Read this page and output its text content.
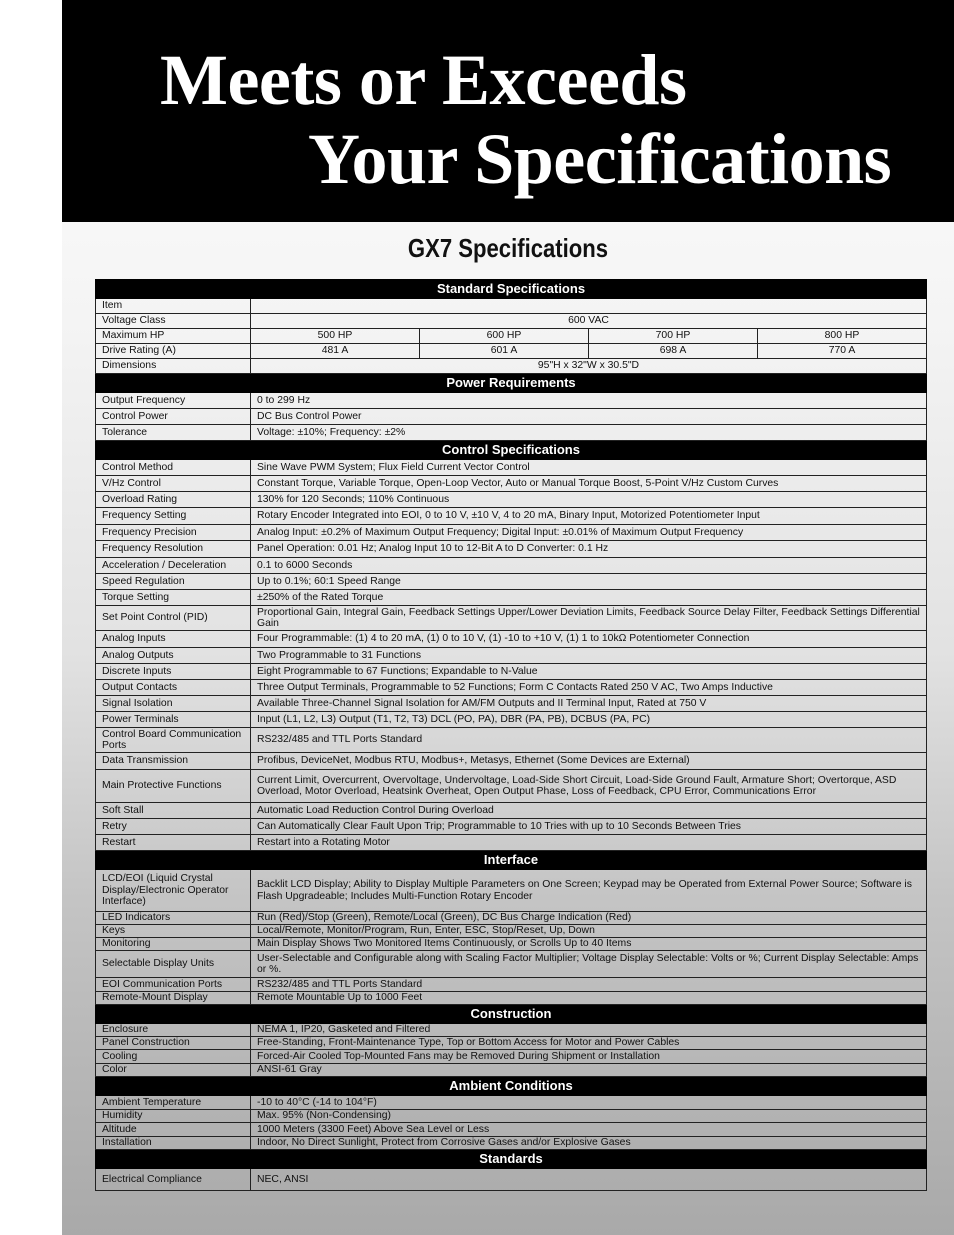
Meets or Exceeds
Your Specifications
GX7 Specifications
Standard Specifications				
Item				
Voltage Class	600 VAC			
Maximum HP	500 HP	600 HP	700 HP	800 HP
Drive Rating (A)	481 A	601 A	698 A	770 A
Dimensions	95"H x 32"W x 30.5"D			
Power Requirements				
Output Frequency	0 to 299 Hz			
Control Power	DC Bus Control Power			
Tolerance	Voltage: ±10%; Frequency: ±2%			
Control Specifications				
Control Method	Sine Wave PWM System; Flux Field Current Vector Control			
V/Hz Control	Constant Torque, Variable Torque, Open-Loop Vector, Auto or Manual Torque Boost, 5-Point V/Hz Custom Curves			
Overload Rating	130% for 120 Seconds; 110% Continuous			
Frequency Setting	Rotary Encoder Integrated into EOI, 0 to 10 V, ±10 V, 4 to 20 mA, Binary Input, Motorized Potentiometer Input			
Frequency Precision	Analog Input: ±0.2% of Maximum Output Frequency; Digital Input: ±0.01% of Maximum Output Frequency			
Frequency Resolution	Panel Operation: 0.01 Hz; Analog Input 10 to 12-Bit A to D Converter: 0.1 Hz			
Acceleration / Deceleration	0.1 to 6000 Seconds			
Speed Regulation	Up to 0.1%; 60:1 Speed Range			
Torque Setting	±250% of the Rated Torque			
Set Point Control (PID)	Proportional Gain, Integral Gain, Feedback Settings Upper/Lower Deviation Limits, Feedback Source Delay Filter, Feedback Settings Differential Gain			
Analog Inputs	Four Programmable: (1) 4 to 20 mA, (1) 0 to 10 V, (1) -10 to +10 V, (1) 1 to 10kΩ Potentiometer Connection			
Analog Outputs	Two Programmable to 31 Functions			
Discrete Inputs	Eight Programmable to 67 Functions; Expandable to N-Value			
Output Contacts	Three Output Terminals, Programmable to 52 Functions; Form C Contacts Rated 250 V AC, Two Amps Inductive			
Signal Isolation	Available Three-Channel Signal Isolation for AM/FM Outputs and II Terminal Input, Rated at 750 V			
Power Terminals	Input (L1, L2, L3) Output (T1, T2, T3) DCL (PO, PA), DBR (PA, PB), DCBUS (PA, PC)			
Control Board Communication Ports	RS232/485 and TTL Ports Standard			
Data Transmission	Profibus, DeviceNet, Modbus RTU, Modbus+, Metasys, Ethernet (Some Devices are External)			
Main Protective Functions	Current Limit, Overcurrent, Overvoltage, Undervoltage, Load-Side Short Circuit, Load-Side Ground Fault, Armature Short; Overtorque, ASD Overload, Motor Overload, Heatsink Overheat, Open Output Phase, Loss of Feedback, CPU Error, Communications Error			
Soft Stall	Automatic Load Reduction Control During Overload			
Retry	Can Automatically Clear Fault Upon Trip; Programmable to 10 Tries with up to 10 Seconds Between Tries			
Restart	Restart into a Rotating Motor			
Interface				
LCD/EOI (Liquid Crystal Display/Electronic Operator Interface)	Backlit LCD Display; Ability to Display Multiple Parameters on One Screen; Keypad may be Operated from External Power Source; Software is Flash Upgradeable; Includes Multi-Function Rotary Encoder			
LED Indicators	Run (Red)/Stop (Green), Remote/Local (Green), DC Bus Charge Indication (Red)			
Keys	Local/Remote, Monitor/Program, Run, Enter, ESC, Stop/Reset, Up, Down			
Monitoring	Main Display Shows Two Monitored Items Continuously, or Scrolls Up to 40 Items			
Selectable Display Units	User-Selectable and Configurable along with Scaling Factor Multiplier; Voltage Display Selectable: Volts or %; Current Display Selectable: Amps or %.			
EOI Communication Ports	RS232/485 and TTL Ports Standard			
Remote-Mount Display	Remote Mountable Up to 1000 Feet			
Construction				
Enclosure	NEMA 1, IP20, Gasketed and Filtered			
Panel Construction	Free-Standing, Front-Maintenance Type, Top or Bottom Access for Motor and Power Cables			
Cooling	Forced-Air Cooled Top-Mounted Fans may be Removed During Shipment or Installation			
Color	ANSI-61 Gray			
Ambient Conditions				
Ambient Temperature	-10 to 40°C (-14 to 104°F)			
Humidity	Max. 95% (Non-Condensing)			
Altitude	1000 Meters (3300 Feet) Above Sea Level or Less			
Installation	Indoor, No Direct Sunlight, Protect from Corrosive Gases and/or Explosive Gases			
Standards				
Electrical Compliance	NEC, ANSI			
